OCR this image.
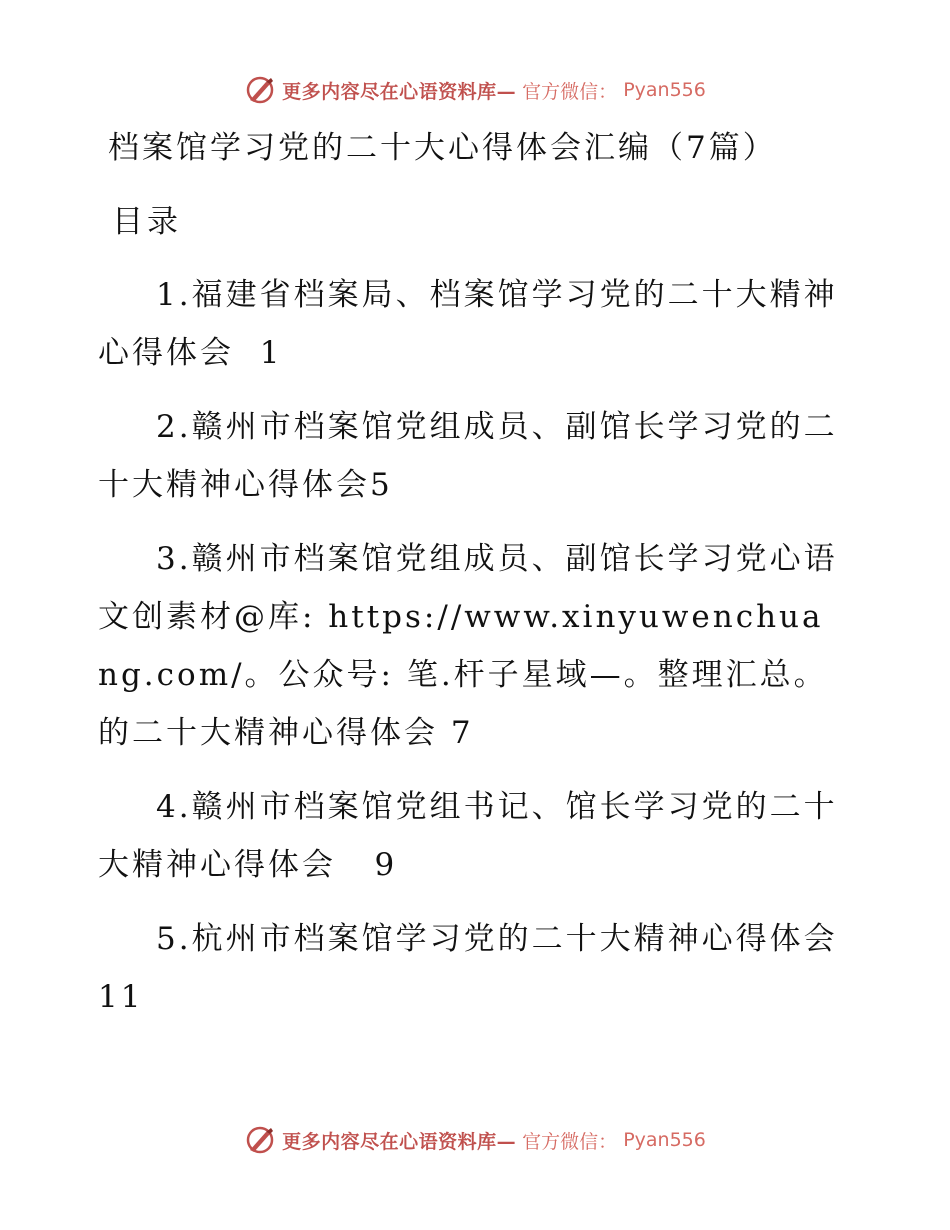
更多内容尽在心语资料库— 官方微信： Pyan556
档案馆学习党的二十大心得体会汇编（7篇）
目录

1.福建省档案局、档案馆学习党的二十大精神心得体会  1

2.赣州市档案馆党组成员、副馆长学习党的二十大精神心得体会5

3.赣州市档案馆党组成员、副馆长学习党心语文创素材@库: https://www.xinyuwenchuang.com/。公众号: 笔.杆子星域—。整理汇总。的二十大精神心得体会 7

4.赣州市档案馆党组书记、馆长学习党的二十大精神心得体会   9

5.杭州市档案馆学习党的二十大精神心得体会11

更多内容尽在心语资料库— 官方微信： Pyan556
